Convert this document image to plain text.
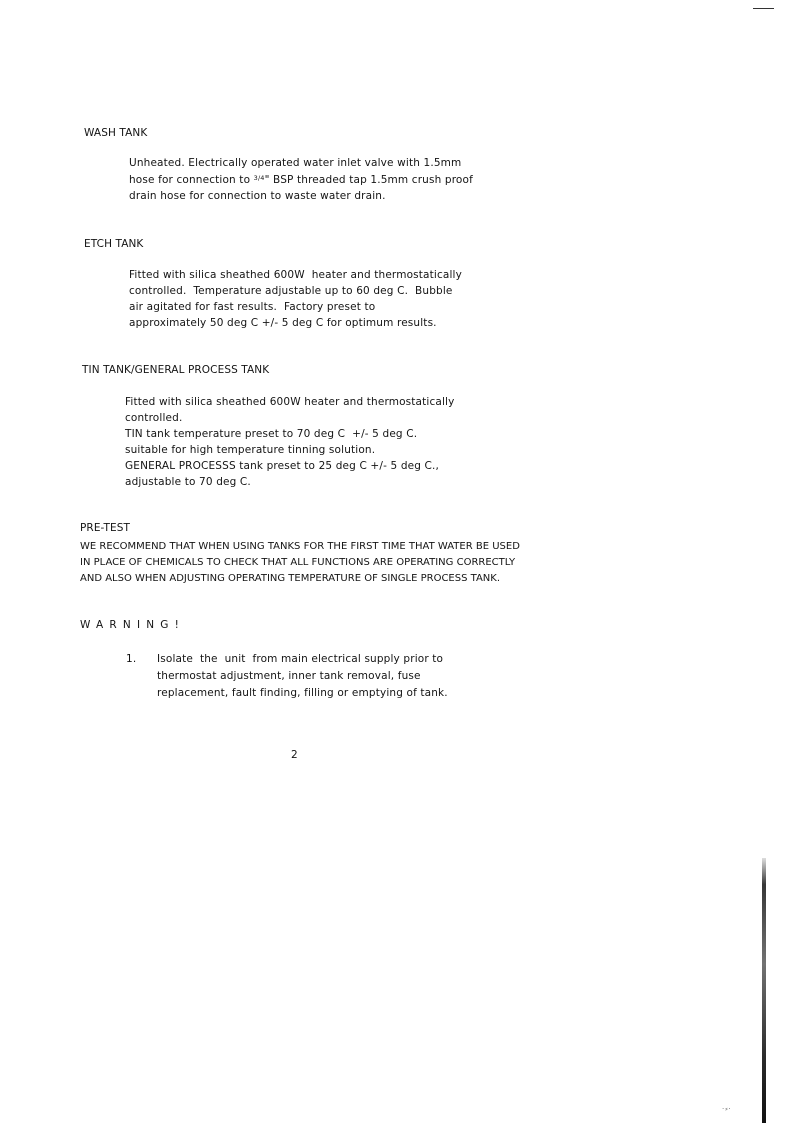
WASH TANK
Unheated. Electrically operated water inlet valve with 1.5mm
hose for connection to $^{3/4}$" BSP threaded tap 1.5mm crush proof
drain hose for connection to waste water drain.
ETCH TANK
Fitted with silica sheathed 600W  heater and thermostatically
controlled.  Temperature adjustable up to 60 deg C.  Bubble
air agitated for fast results.  Factory preset to
approximately 50 deg C +/- 5 deg C for optimum results.
TIN TANK/GENERAL PROCESS TANK
Fitted with silica sheathed 600W heater and thermostatically
controlled.
TIN tank temperature preset to 70 deg C  +/- 5 deg C.
suitable for high temperature tinning solution.
GENERAL PROCESSS tank preset to 25 deg C +/- 5 deg C.,
adjustable to 70 deg C.
PRE-TEST
WE RECOMMEND THAT WHEN USING TANKS FOR THE FIRST TIME THAT WATER BE USED
IN PLACE OF CHEMICALS TO CHECK THAT ALL FUNCTIONS ARE OPERATING CORRECTLY
AND ALSO WHEN ADJUSTING OPERATING TEMPERATURE OF SINGLE PROCESS TANK.
WARNING!
1. Isolate  the  unit  from main electrical supply prior to
thermostat adjustment, inner tank removal, fuse
replacement, fault finding, filling or emptying of tank.
2
·⸗·
